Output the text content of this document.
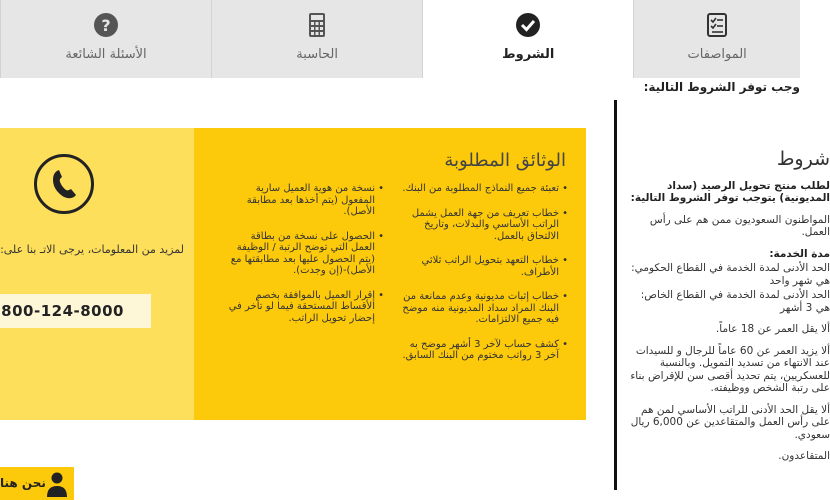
المواصفات
الشروط
الحاسبة
?
الأسئلة الشائعة
وجب توفر الشروط التالية:
لمزيد من المعلومات، يرجى الاتـ بنا على:
800-124-8000
الوثائق المطلوبة
• تعبئة جميع النماذج المطلوبة من البنك.
• خطاب تعريف من جهة العمل يشمل الراتب الأساسي والبدلات، وتاريخ الالتحاق بالعمل.
• خطاب التعهد بتحويل الراتب ثلاثي الأطراف.
• خطاب إثبات مديونية وعدم ممانعة من البنك المراد سداد المديونية منه موضح فيه جميع الالتزامات.
• كشف حساب لآخر 3 أشهر موضح به آخر 3 رواتب مختوم من البنك السابق.
• نسخة من هوية العميل سارية المفعول (يتم أخذها بعد مطابقة الأصل).
• الحصول على نسخة من بطاقة العمل التي توضح الرتبة / الوظيفة (يتم الحصول عليها بعد مطابقتها مع الأصل)-(إن وجدت).
• إقرار العميل بالموافقة بخصم الأقساط المستحقة فيما لو تأخر في إحضار تحويل الراتب.
نحن هنا
شروط

لطلب منتج تحويل الرصيد (سداد المديونية) يتوجب توفر الشروط التالية:

المواطنون السعوديون ممن هم على رأس العمل.

مدة الخدمة:

الحد الأدنى لمدة الخدمة في القطاع الحكومي: هي شهر واحد

الحد الأدنى لمدة الخدمة في القطاع الخاص: هي 3 أشهر

ألا يقل العمر عن 18 عاماً.

ألا يزيد العمر عن 60 عاماً للرجال و للسيدات عند الانتهاء من تسديد التمويل. وبالنسبة للعسكريين، يتم تحديد أقصى سن للإقراض بناء على رتبة الشخص ووظيفته.

ألا يقل الحد الأدنى للراتب الأساسي لمن هم على رأس العمل والمتقاعدين عن 6,000 ريال سعودي.

المتقاعدون.
